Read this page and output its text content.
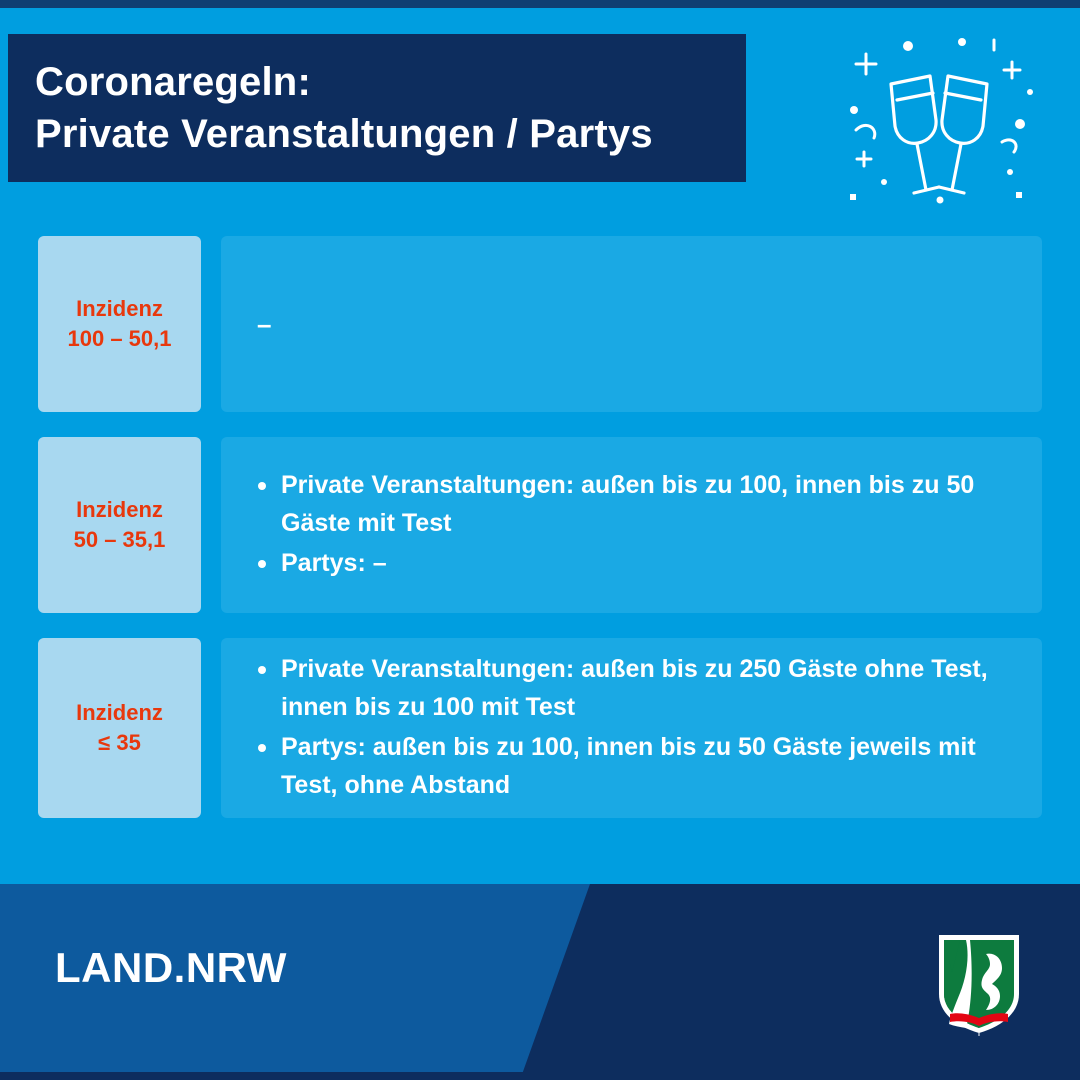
Coronaregeln:
Private Veranstaltungen / Partys
Inzidenz
100 – 50,1	–
Inzidenz
50 – 35,1
Private Veranstaltungen: außen bis zu 100, innen bis zu 50 Gäste mit Test
Partys: –
Inzidenz
≤ 35
Private Veranstaltungen: außen bis zu 250 Gäste ohne Test, innen bis zu 100 mit Test
Partys: außen bis zu 100, innen bis zu 50 Gäste jeweils mit Test, ohne Abstand
LAND.NRW
